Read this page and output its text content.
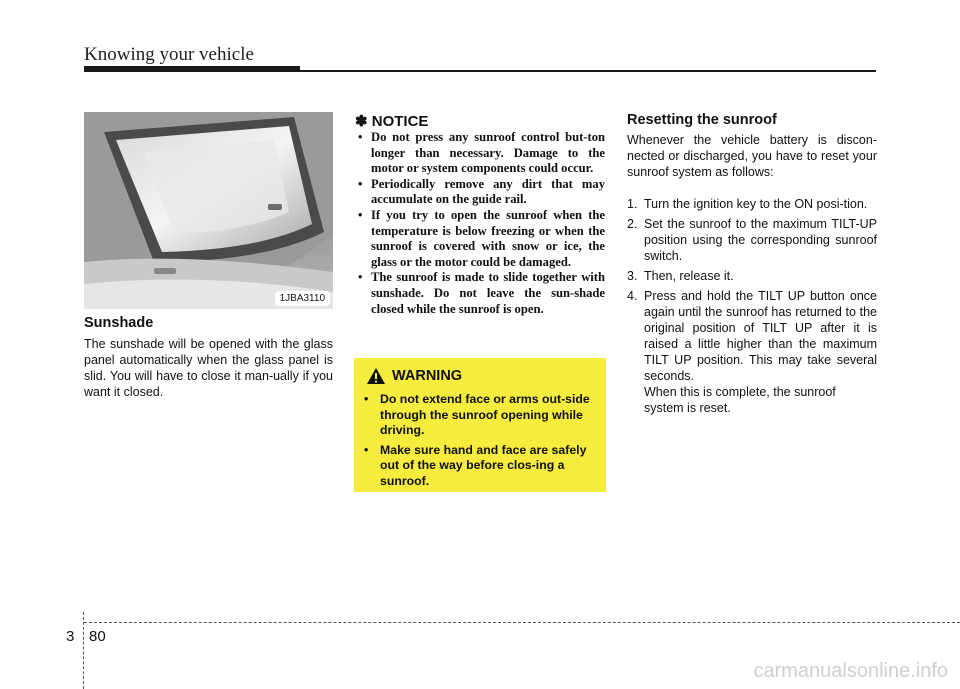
Knowing your vehicle
1JBA3110
Sunshade
The sunshade will be opened with the glass panel automatically when the glass panel is slid. You will have to close it man-ually if you want it closed.
✽ NOTICE
• Do not press any sunroof control but-ton longer than necessary. Damage to the motor or system components could occur.
• Periodically remove any dirt that may accumulate on the guide rail.
• If you try to open the sunroof when the temperature is below freezing or when the sunroof is covered with snow or ice, the glass or the motor could be damaged.
• The sunroof is made to slide together with sunshade. Do not leave the sun-shade closed while the sunroof is open.
WARNING
• Do not extend face or arms out-side through the sunroof opening while driving.
• Make sure hand and face are safely out of the way before clos-ing a sunroof.
Resetting the sunroof
Whenever the vehicle battery is discon-nected or discharged, you have to reset your sunroof system as follows:
1. Turn the ignition key to the ON posi-tion.
2. Set the sunroof to the maximum TILT-UP position using the corresponding sunroof switch.
3. Then, release it.
4. Press and hold the TILT UP button once again until the sunroof has returned to the original position of TILT UP after it is raised a little higher than the maximum TILT UP position. This may take several seconds.
When this is complete, the sunroof system is reset.
3 80
carmanualsonline.info
